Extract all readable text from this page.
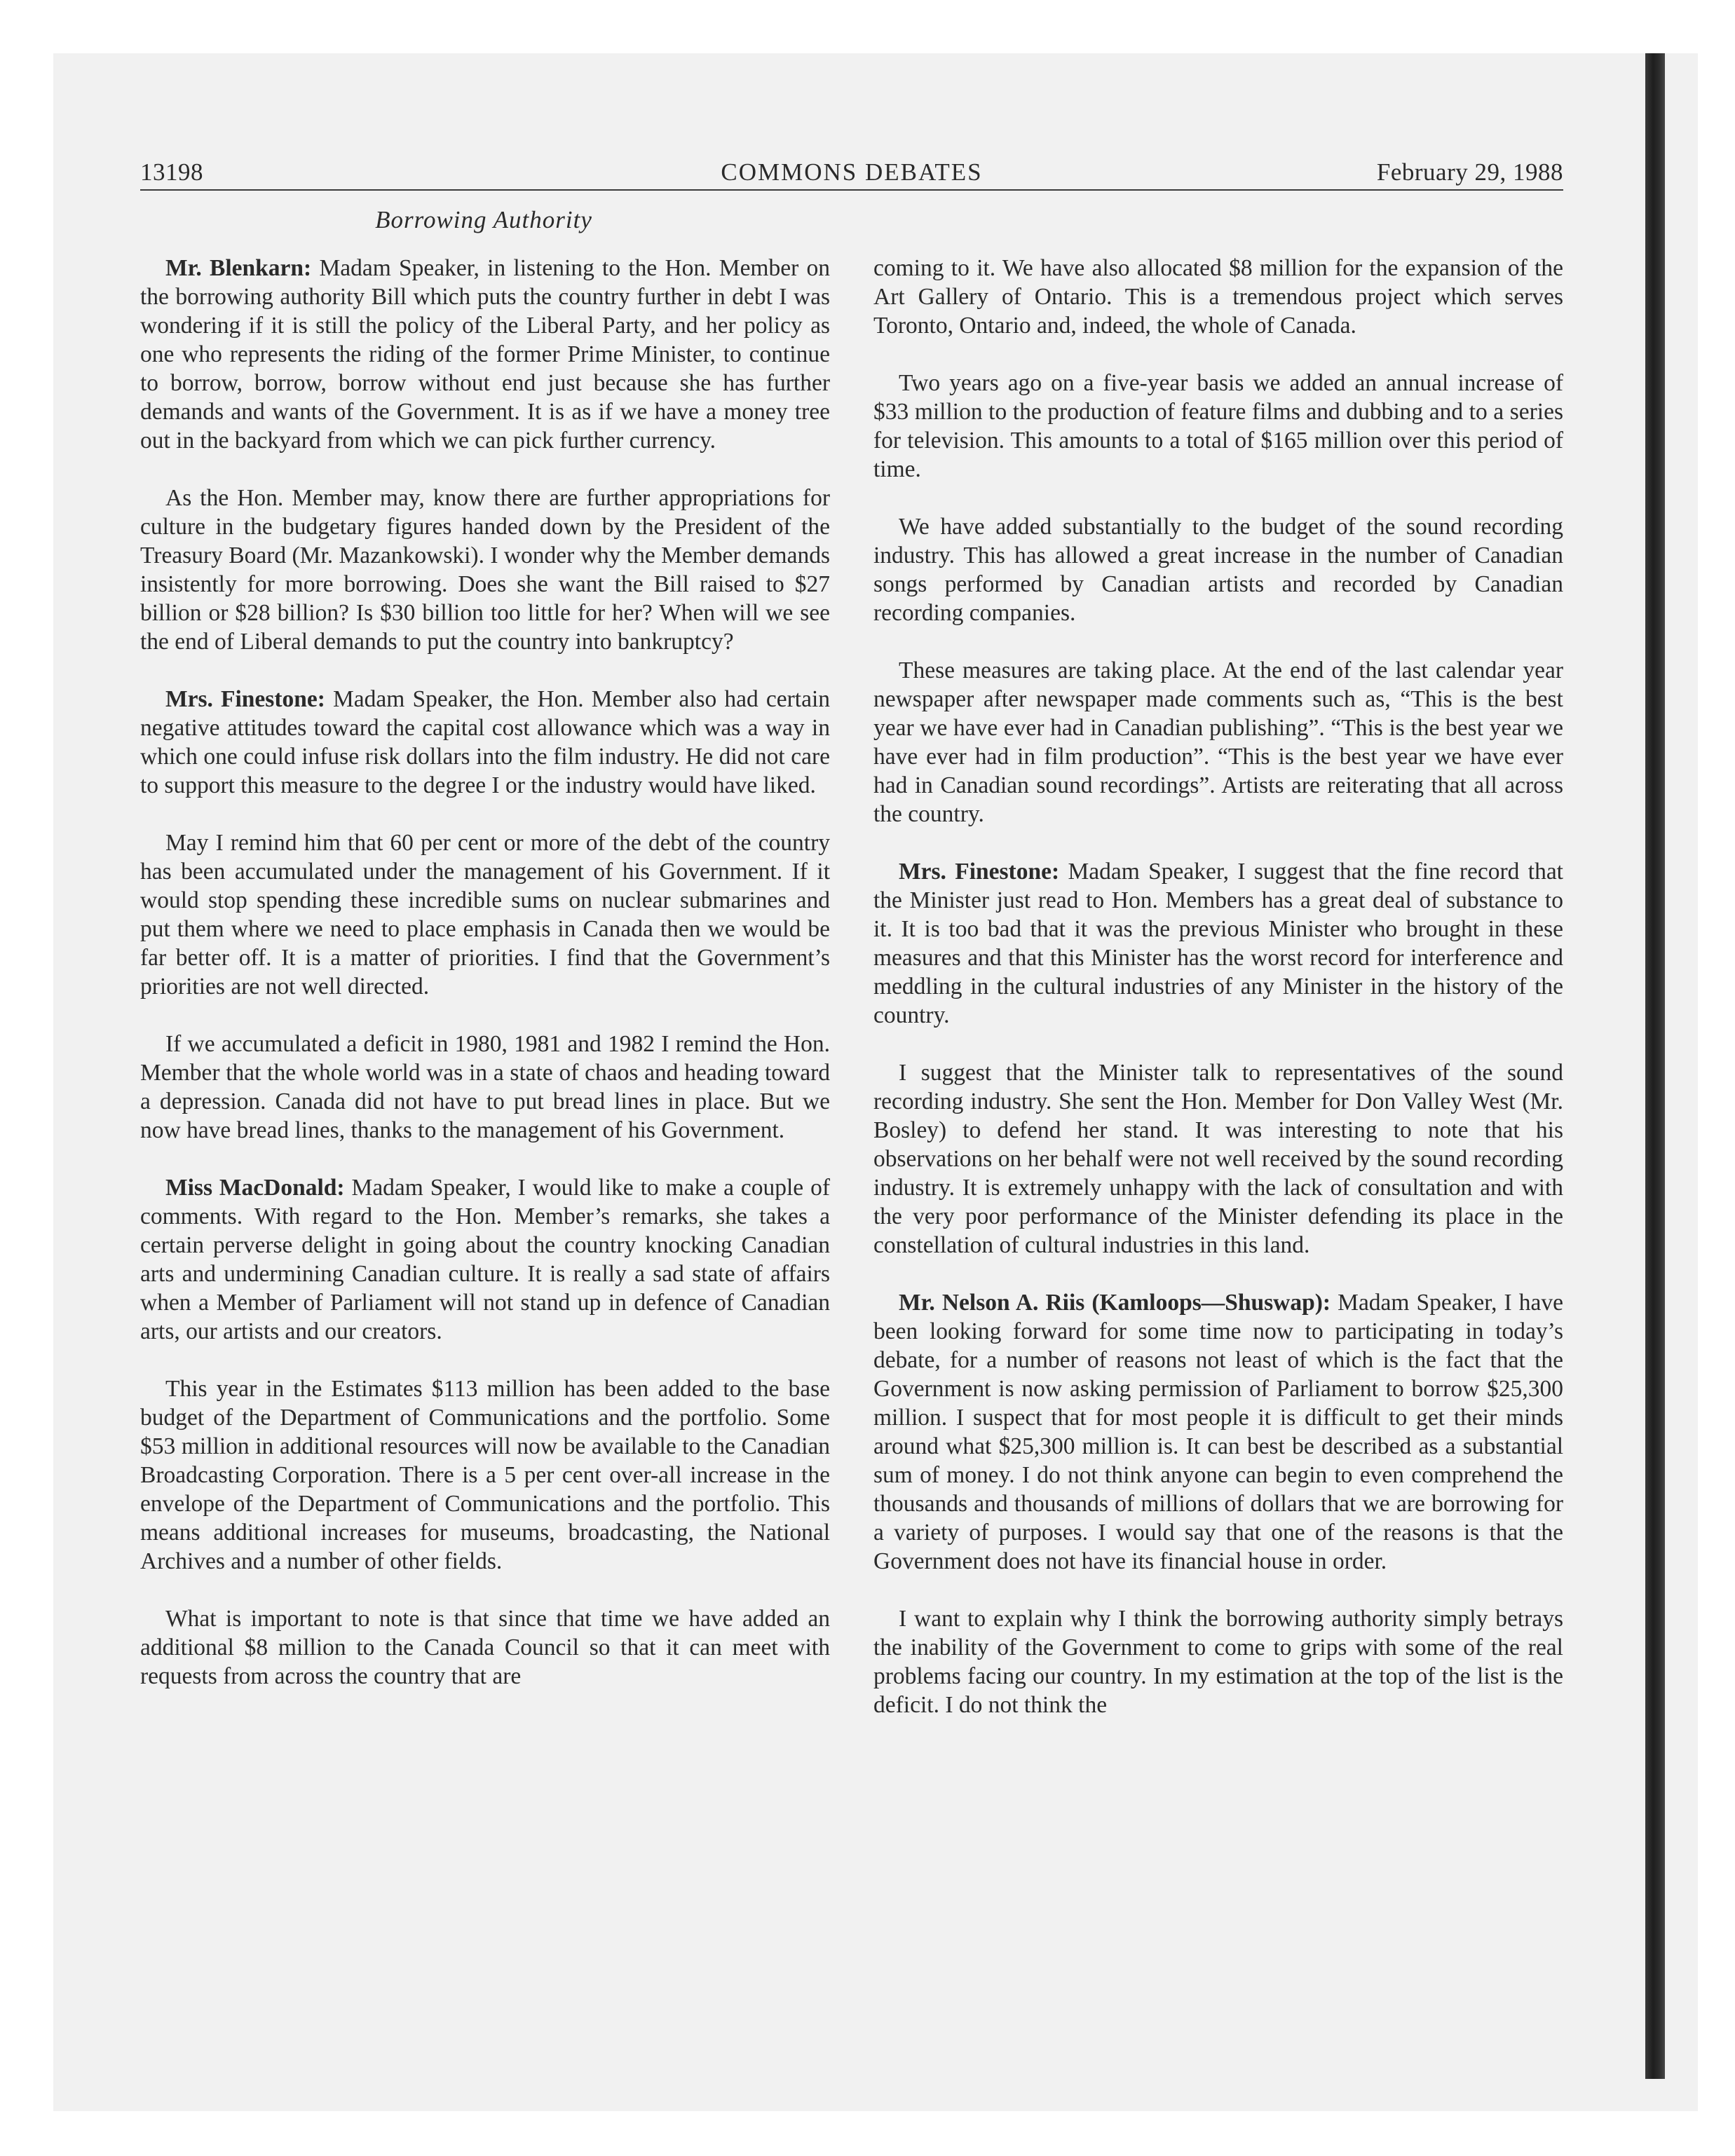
13198	COMMONS DEBATES	February 29, 1988
Borrowing Authority

Mr. Blenkarn: Madam Speaker, in listening to the Hon. Member on the borrowing authority Bill which puts the country further in debt I was wondering if it is still the policy of the Liberal Party, and her policy as one who represents the riding of the former Prime Minister, to continue to borrow, borrow, borrow without end just because she has further demands and wants of the Government. It is as if we have a money tree out in the backyard from which we can pick further currency.

As the Hon. Member may, know there are further appropriations for culture in the budgetary figures handed down by the President of the Treasury Board (Mr. Mazankowski). I wonder why the Member demands insistently for more borrowing. Does she want the Bill raised to $27 billion or $28 billion? Is $30 billion too little for her? When will we see the end of Liberal demands to put the country into bankruptcy?

Mrs. Finestone: Madam Speaker, the Hon. Member also had certain negative attitudes toward the capital cost allowance which was a way in which one could infuse risk dollars into the film industry. He did not care to support this measure to the degree I or the industry would have liked.

May I remind him that 60 per cent or more of the debt of the country has been accumulated under the management of his Government. If it would stop spending these incredible sums on nuclear submarines and put them where we need to place emphasis in Canada then we would be far better off. It is a matter of priorities. I find that the Government’s priorities are not well directed.

If we accumulated a deficit in 1980, 1981 and 1982 I remind the Hon. Member that the whole world was in a state of chaos and heading toward a depression. Canada did not have to put bread lines in place. But we now have bread lines, thanks to the management of his Government.

Miss MacDonald: Madam Speaker, I would like to make a couple of comments. With regard to the Hon. Member’s remarks, she takes a certain perverse delight in going about the country knocking Canadian arts and undermining Canadian culture. It is really a sad state of affairs when a Member of Parliament will not stand up in defence of Canadian arts, our artists and our creators.

This year in the Estimates $113 million has been added to the base budget of the Department of Communications and the portfolio. Some $53 million in additional resources will now be available to the Canadian Broadcasting Corporation. There is a 5 per cent over-all increase in the envelope of the Department of Communications and the portfolio. This means additional increases for museums, broadcasting, the National Archives and a number of other fields.

What is important to note is that since that time we have added an additional $8 million to the Canada Council so that it can meet with requests from across the country that are

coming to it. We have also allocated $8 million for the expansion of the Art Gallery of Ontario. This is a tremendous project which serves Toronto, Ontario and, indeed, the whole of Canada.

Two years ago on a five-year basis we added an annual increase of $33 million to the production of feature films and dubbing and to a series for television. This amounts to a total of $165 million over this period of time.

We have added substantially to the budget of the sound recording industry. This has allowed a great increase in the number of Canadian songs performed by Canadian artists and recorded by Canadian recording companies.

These measures are taking place. At the end of the last calendar year newspaper after newspaper made comments such as, “This is the best year we have ever had in Canadian publishing”. “This is the best year we have ever had in film production”. “This is the best year we have ever had in Canadian sound recordings”. Artists are reiterating that all across the country.

Mrs. Finestone: Madam Speaker, I suggest that the fine record that the Minister just read to Hon. Members has a great deal of substance to it. It is too bad that it was the previous Minister who brought in these measures and that this Minister has the worst record for interference and meddling in the cultural industries of any Minister in the history of the country.

I suggest that the Minister talk to representatives of the sound recording industry. She sent the Hon. Member for Don Valley West (Mr. Bosley) to defend her stand. It was interesting to note that his observations on her behalf were not well received by the sound recording industry. It is extremely unhappy with the lack of consultation and with the very poor performance of the Minister defending its place in the constellation of cultural industries in this land.

Mr. Nelson A. Riis (Kamloops—Shuswap): Madam Speaker, I have been looking forward for some time now to participating in today’s debate, for a number of reasons not least of which is the fact that the Government is now asking permission of Parliament to borrow $25,300 million. I suspect that for most people it is difficult to get their minds around what $25,300 million is. It can best be described as a substantial sum of money. I do not think anyone can begin to even comprehend the thousands and thousands of millions of dollars that we are borrowing for a variety of purposes. I would say that one of the reasons is that the Government does not have its financial house in order.

I want to explain why I think the borrowing authority simply betrays the inability of the Government to come to grips with some of the real problems facing our country. In my estimation at the top of the list is the deficit. I do not think the
